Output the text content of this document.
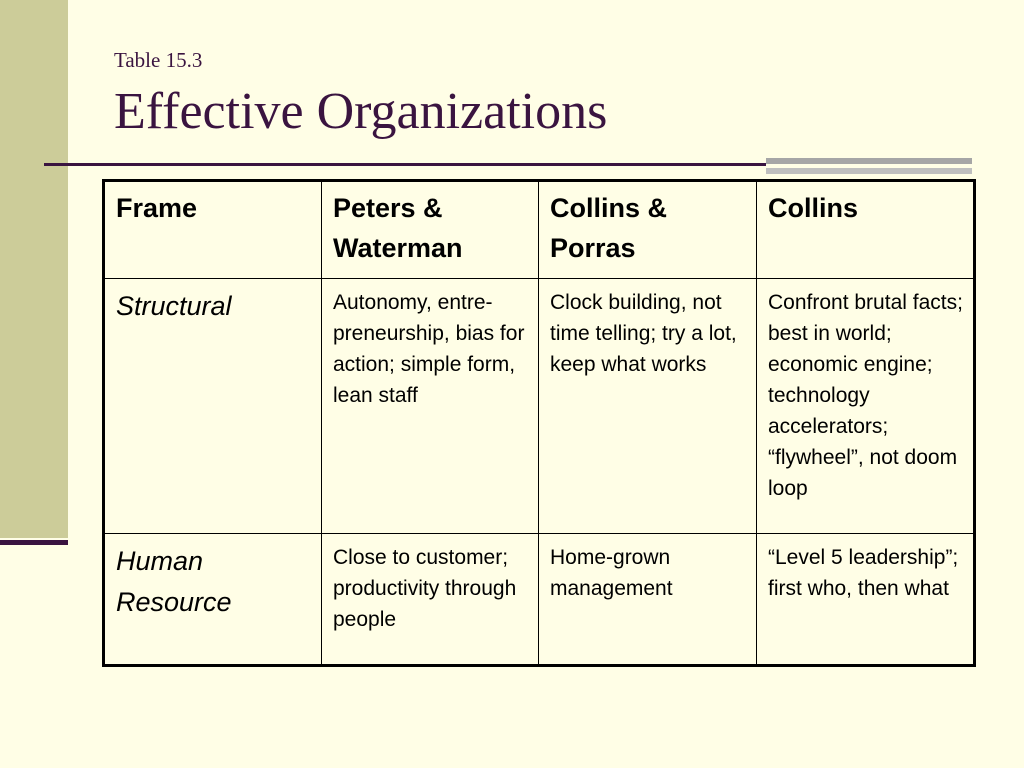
Table 15.3
Effective Organizations
Frame	Peters & Waterman	Collins & Porras	Collins
Structural	Autonomy, entre-preneurship, bias for action; simple form, lean staff	Clock building, not time telling; try a lot, keep what works	Confront brutal facts; best in world; economic engine; technology accelerators; “flywheel”, not doom loop
Human Resource	Close to customer; productivity through people	Home-grown management	“Level 5 leadership”; first who, then what
